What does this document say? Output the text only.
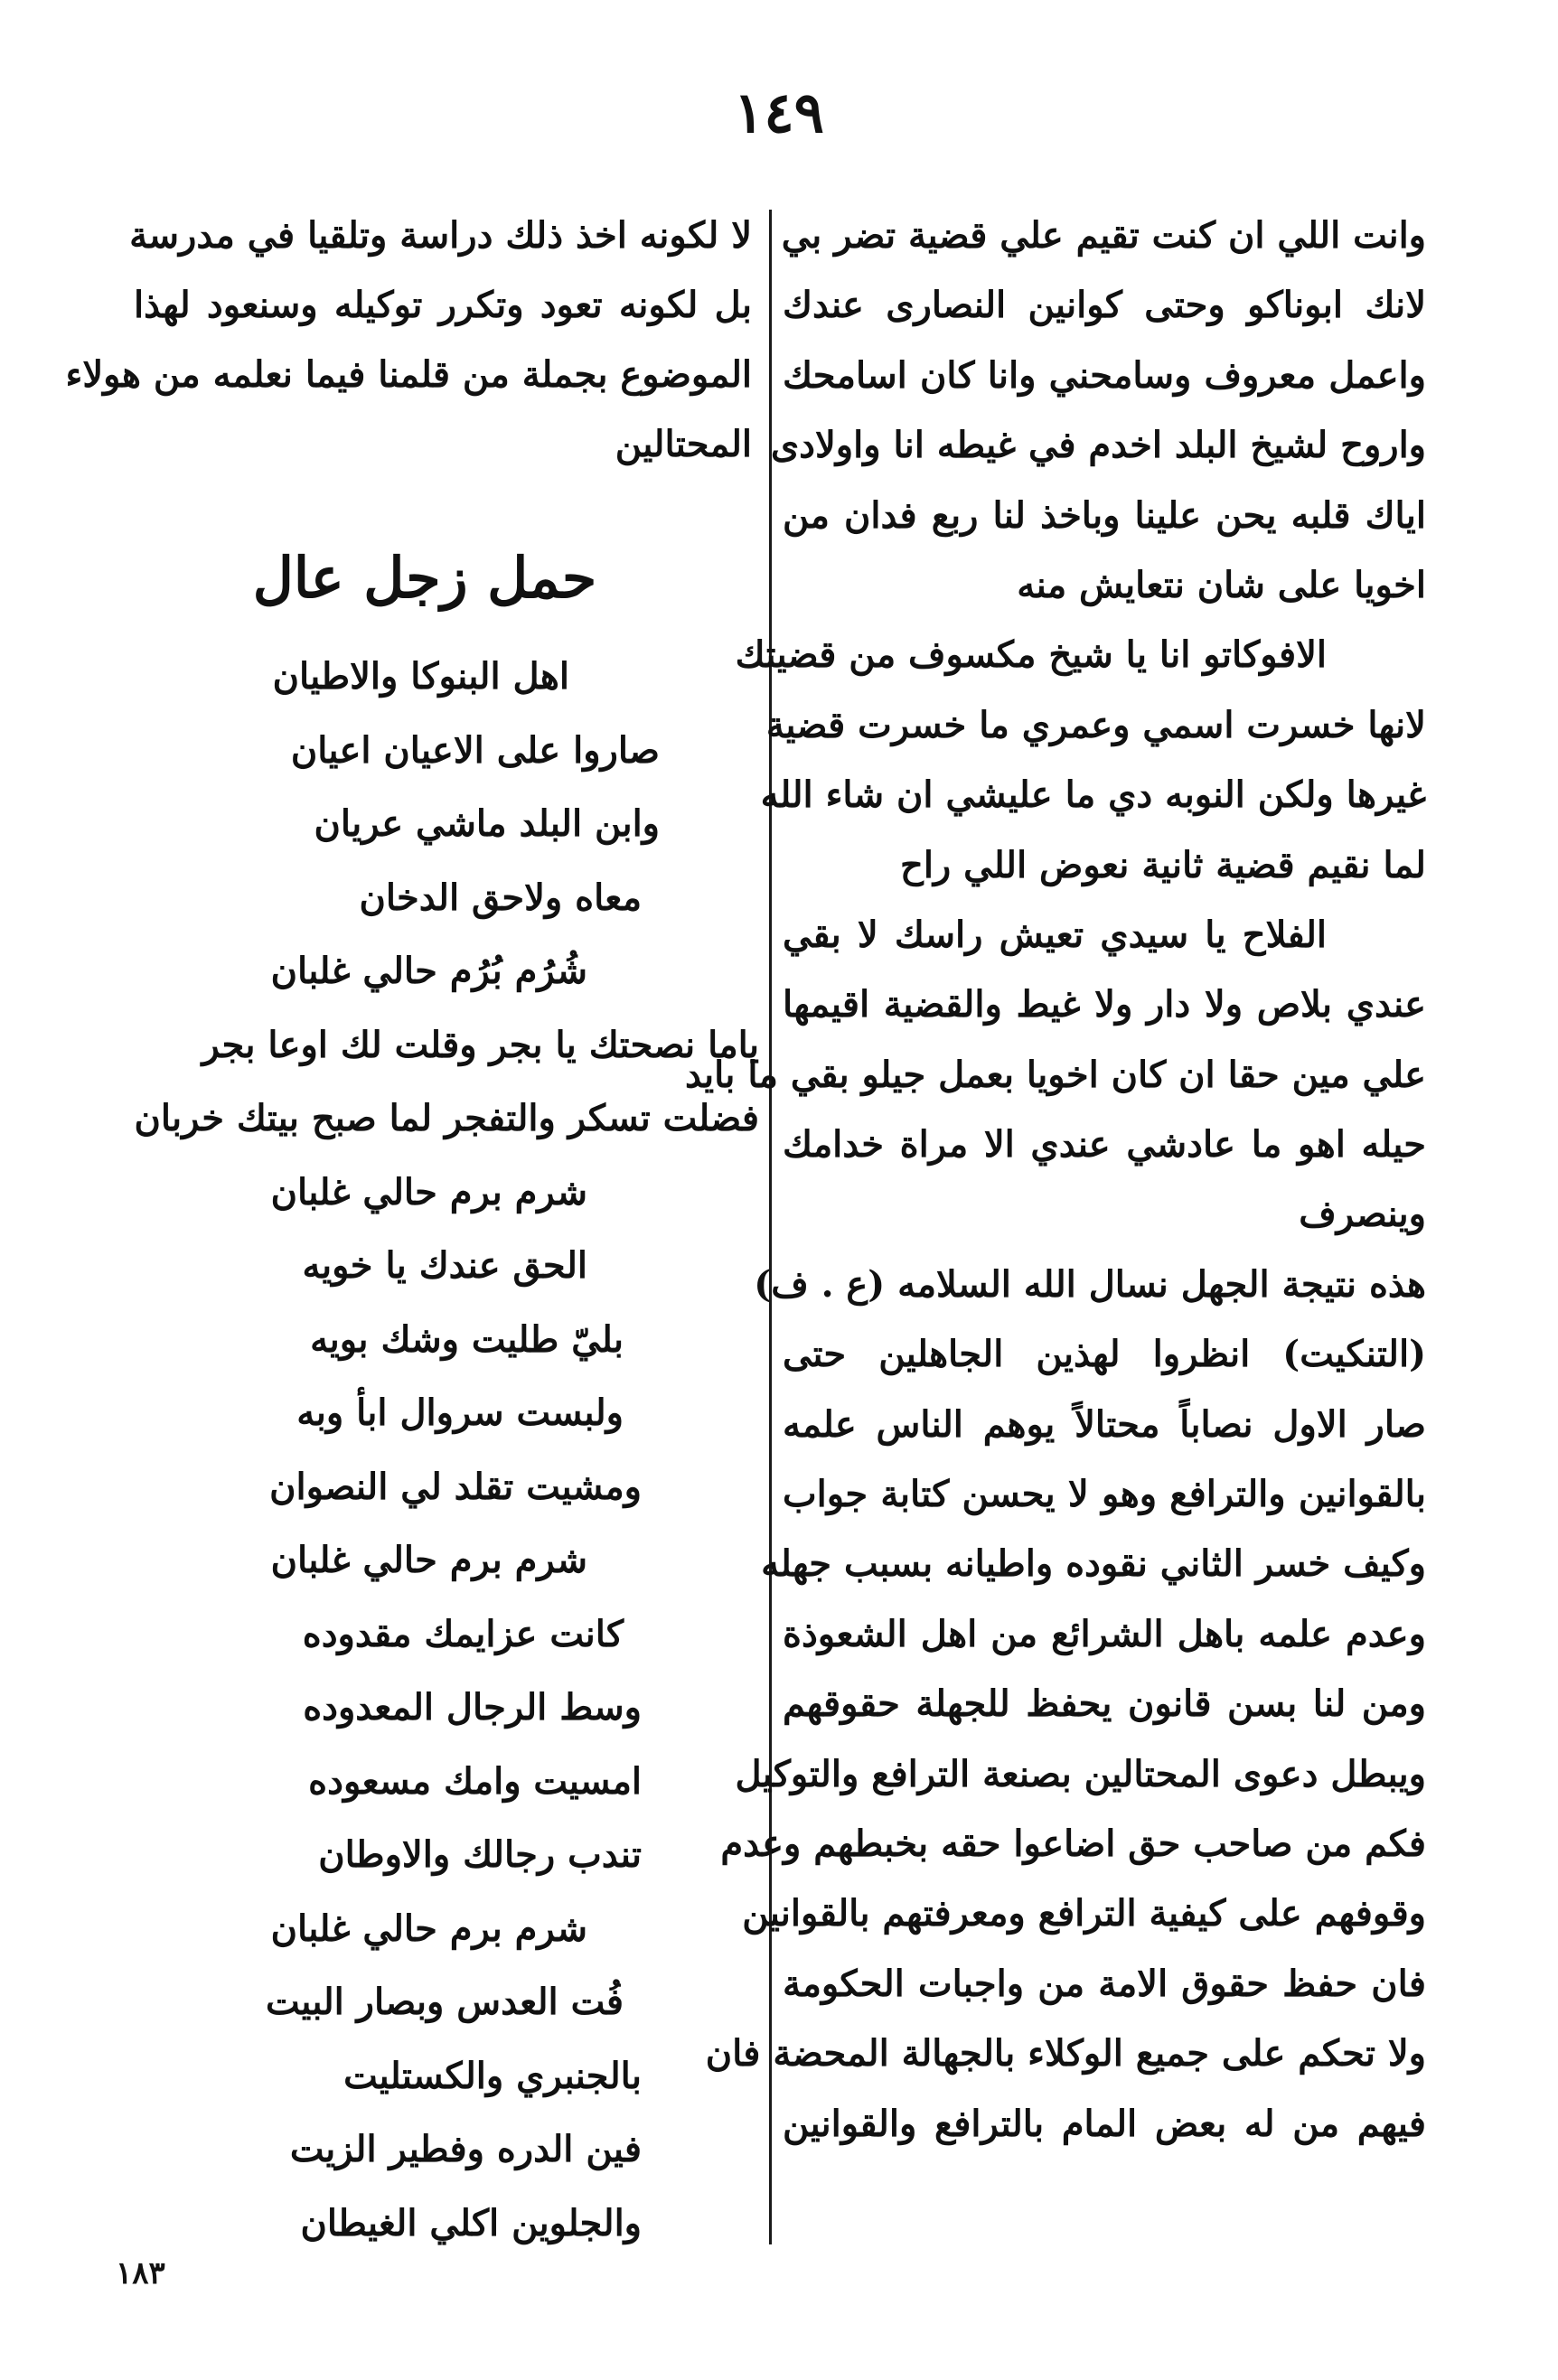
١٤٩
وانت اللي ان كنت تقيم علي قضية تضر بي
لانك ابوناكو وحتى كوانين النصارى عندك
واعمل معروف وسامحني وانا كان اسامحك
واروح لشيخ البلد اخدم في غيطه انا واولادى
اياك قلبه يحن علينا وباخذ لنا ربع فدان من
اخويا على شان نتعايش منه
الافوكاتو انا يا شيخ مكسوف من قضيتك
لانها خسرت اسمي وعمري ما خسرت قضية
غيرها ولكن النوبه دي ما عليشي ان شاء الله
لما نقيم قضية ثانية نعوض اللي راح
الفلاح يا سيدي تعيش راسك لا بقي
عندي بلاص ولا دار ولا غيط والقضية اقيمها
علي مين حقا ان كان اخويا بعمل جيلو بقي ما بايد
حيله اهو ما عادشي عندي الا مراة خدامك
وينصرف
هذه نتيجة الجهل نسال الله السلامه (ع . ف)
(التنكيت) انظروا لهذين الجاهلين حتى
صار الاول نصاباً محتالاً يوهم الناس علمه
بالقوانين والترافع وهو لا يحسن كتابة جواب
وكيف خسر الثاني نقوده واطيانه بسبب جهله
وعدم علمه باهل الشرائع من اهل الشعوذة
ومن لنا بسن قانون يحفظ للجهلة حقوقهم
ويبطل دعوى المحتالين بصنعة الترافع والتوكيل
فكم من صاحب حق اضاعوا حقه بخبطهم وعدم
وقوفهم على كيفية الترافع ومعرفتهم بالقوانين
فان حفظ حقوق الامة من واجبات الحكومة
ولا تحكم على جميع الوكلاء بالجهالة المحضة فان
فيهم من له بعض المام بالترافع والقوانين
لا لكونه اخذ ذلك دراسة وتلقيا في مدرسة
بل لكونه تعود وتكرر توكيله وسنعود لهذا
الموضوع بجملة من قلمنا فيما نعلمه من هولاء
المحتالين
حمل زجل عال
اهل البنوكا والاطيان
صاروا على الاعيان اعيان
وابن البلد ماشي عريان
معاه ولاحق الدخان
شُرُم بُرُم حالي غلبان
ياما نصحتك يا بجر وقلت لك اوعا بجر
فضلت تسكر والتفجر لما صبح بيتك خربان
شرم برم حالي غلبان
الحق عندك يا خويه
بليّ طليت وشك بويه
ولبست سروال ابأ وبه
ومشيت تقلد لي النصوان
شرم برم حالي غلبان
كانت عزايمك مقدوده
وسط الرجال المعدوده
امسيت وامك مسعوده
تندب رجالك والاوطان
شرم برم حالي غلبان
فُت العدس وبصار البيت
بالجنبري والكستليت
فين الدره وفطير الزيت
والجلوين اكلي الغيطان
١٨٣
